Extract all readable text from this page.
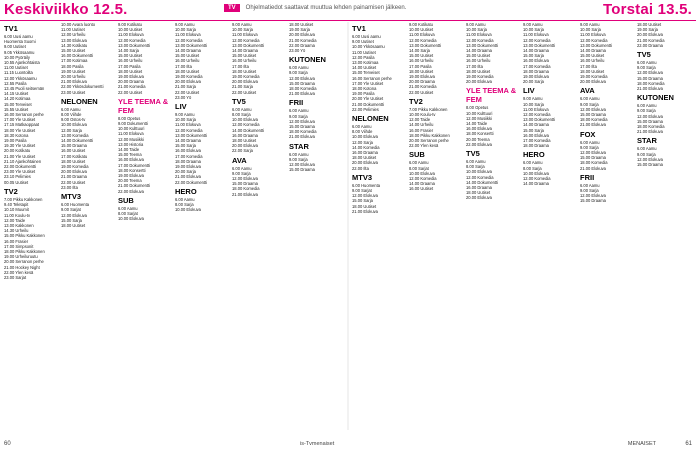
Keskiviikko 12.5.	TV	Ohjelmatiedot saattavat muuttua lehden painamisen jälkeen.	Torstai 13.5.
TV1
6.00 Uusi aamu
Huomenta Suomi
9.00 Uutiset
9.05 Ykkösaamu
10.00 Pyöräily
10.55 Ajankohtaista
11.00 Uutiset
11.15 Luontoilta
12.00 Ykkösaamu
12.55 Pasila
13.45 Puoli seitsemän
14.15 Uutiset
14.20 Kotimaa
15.00 Terveiset
15.55 Uutiset
16.00 Serranon perhe
17.00 Yle Uutiset
17.15 Matkaoppaat
18.00 Yle Uutiset
18.30 Kotona
19.00 Pasila
19.30 Yle Uutiset
20.00 Kotikatu
21.00 Yle Uutiset
21.10 Ajankohtainen
22.00 Dokumentti
23.00 Yle Uutiset
23.10 Pelimies
00.05 Uutiset
TV2
7.00 Pikku Kakkonen
9.40 Teletapit
10.10 Muumit
11.00 Koulu-tv
12.00 Taide
13.00 Kakkonen
14.30 Urheilu
15.00 Pikku Kakkonen
16.00 Frasier
17.00 Simpsonit
18.00 Pikku Kakkonen
19.00 Urheiluruutu
20.00 Serranon perhe
21.00 Hockey Night
22.00 Ylen kesä
23.00 Sarjat
10.00 Avara luonto
11.00 Uutiset
12.00 Urheilu
13.00 Elokuva
14.30 Kotikatu
15.00 Uutiset
16.00 Dokumentti
17.00 Kotimaa
18.00 Pasila
19.00 Uutiset
20.00 Urheilu
21.00 Elokuva
22.00 Ykkösdokumentti
23.00 Uutiset
NELONEN
6.00 Aamu
8.00 Viihde
9.00 Ostos-tv
10.00 Elokuva
12.00 Sarja
13.00 Komedia
14.00 Dokumentti
15.00 Draama
16.00 Uutiset
17.00 Kotikatu
18.00 Uutiset
19.00 Komedia
20.00 Elokuva
21.00 Draama
22.00 Uutiset
23.00 Ilta
MTV3
6.00 Huomenta
9.00 Sarjat
12.00 Elokuva
15.00 Sarja
18.00 Uutiset
9.00 Kotikatu
10.00 Uutiset
11.00 Elokuva
12.00 Komedia
13.00 Dokumentti
14.00 Sarja
15.00 Uutiset
16.00 Urheilu
17.00 Pasila
18.00 Uutiset
19.00 Elokuva
20.00 Draama
21.00 Komedia
22.00 Uutiset
YLE TEEMA & FEM
8.00 Opetus
9.00 Dokumentti
10.00 Kulttuuri
11.00 Elokuva
12.00 Musiikki
13.00 Historia
14.00 Taide
15.00 Teema
16.00 Elokuva
17.00 Dokumentti
18.00 Konsertti
19.00 Elokuva
20.00 Teema
21.00 Dokumentti
22.00 Elokuva
SUB
6.00 Aamu
8.00 Sarjat
10.00 Elokuva
9.00 Aamu
10.00 Sarja
11.00 Elokuva
12.00 Komedia
13.00 Dokumentti
14.00 Draama
15.00 Uutiset
16.00 Urheilu
17.00 Ilta
18.00 Uutiset
19.00 Komedia
20.00 Elokuva
21.00 Sarja
22.00 Uutiset
23.00 Yö
LIV
9.00 Aamu
10.00 Sarja
11.00 Elokuva
12.00 Komedia
13.00 Dokumentti
14.00 Draama
15.00 Sarja
16.00 Elokuva
17.00 Komedia
18.00 Draama
19.00 Elokuva
20.00 Sarja
21.00 Elokuva
22.00 Dokumentti
HERO
6.00 Aamu
8.00 Sarja
10.00 Elokuva
9.00 Aamu
10.00 Sarja
11.00 Elokuva
12.00 Komedia
13.00 Dokumentti
14.00 Draama
15.00 Uutiset
16.00 Urheilu
17.00 Ilta
18.00 Uutiset
19.00 Komedia
20.00 Elokuva
21.00 Sarja
22.00 Uutiset
TV5
6.00 Aamu
8.00 Sarja
10.00 Elokuva
12.00 Komedia
14.00 Dokumentti
16.00 Draama
18.00 Uutiset
20.00 Elokuva
22.00 Sarja
AVA
6.00 Aamu
9.00 Sarja
12.00 Elokuva
15.00 Draama
18.00 Komedia
21.00 Elokuva
18.00 Uutiset
19.00 Sarja
20.00 Elokuva
21.00 Komedia
22.00 Draama
23.00 Yö
KUTONEN
6.00 Aamu
9.00 Sarja
12.00 Elokuva
15.00 Draama
18.00 Komedia
21.00 Elokuva
FRII
6.00 Aamu
9.00 Sarja
12.00 Elokuva
15.00 Draama
18.00 Komedia
21.00 Elokuva
STAR
6.00 Aamu
9.00 Sarja
12.00 Elokuva
15.00 Draama
TV1
6.00 Uusi aamu
9.00 Uutiset
10.00 Ykkösaamu
11.00 Uutiset
12.00 Pasila
13.00 Kotimaa
14.00 Uutiset
15.00 Terveiset
16.00 Serranon perhe
17.00 Yle Uutiset
18.00 Kotona
19.00 Pasila
20.00 Yle Uutiset
21.00 Dokumentti
22.00 Pelimies
NELONEN
6.00 Aamu
8.00 Viihde
10.00 Elokuva
12.00 Sarja
14.00 Komedia
16.00 Draama
18.00 Uutiset
20.00 Elokuva
22.00 Ilta
MTV3
6.00 Huomenta
9.00 Sarjat
12.00 Elokuva
15.00 Sarja
18.00 Uutiset
21.00 Elokuva
9.00 Kotikatu
10.00 Uutiset
11.00 Elokuva
12.00 Komedia
13.00 Dokumentti
14.00 Sarja
15.00 Uutiset
16.00 Urheilu
17.00 Pasila
18.00 Uutiset
19.00 Elokuva
20.00 Draama
21.00 Komedia
22.00 Uutiset
TV2
7.00 Pikku Kakkonen
10.00 Koulu-tv
12.00 Taide
14.00 Urheilu
16.00 Frasier
18.00 Pikku Kakkonen
20.00 Serranon perhe
22.00 Ylen kesä
SUB
6.00 Aamu
8.00 Sarjat
10.00 Elokuva
12.00 Komedia
14.00 Draama
16.00 Uutiset
9.00 Aamu
10.00 Sarja
11.00 Elokuva
12.00 Komedia
13.00 Dokumentti
14.00 Draama
15.00 Uutiset
16.00 Urheilu
17.00 Ilta
18.00 Uutiset
19.00 Komedia
20.00 Elokuva
YLE TEEMA & FEM
8.00 Opetus
10.00 Kulttuuri
12.00 Musiikki
14.00 Taide
16.00 Elokuva
18.00 Konsertti
20.00 Teema
22.00 Elokuva
TV5
6.00 Aamu
8.00 Sarja
10.00 Elokuva
12.00 Komedia
14.00 Dokumentti
16.00 Draama
18.00 Uutiset
20.00 Elokuva
9.00 Aamu
10.00 Sarja
11.00 Elokuva
12.00 Komedia
13.00 Dokumentti
14.00 Draama
15.00 Sarja
16.00 Elokuva
17.00 Komedia
18.00 Draama
19.00 Elokuva
20.00 Sarja
LIV
9.00 Aamu
10.00 Sarja
11.00 Elokuva
12.00 Komedia
13.00 Dokumentti
14.00 Draama
15.00 Sarja
16.00 Elokuva
17.00 Komedia
18.00 Draama
HERO
6.00 Aamu
8.00 Sarja
10.00 Elokuva
12.00 Komedia
14.00 Draama
9.00 Aamu
10.00 Sarja
11.00 Elokuva
12.00 Komedia
13.00 Dokumentti
14.00 Draama
15.00 Uutiset
16.00 Urheilu
17.00 Ilta
18.00 Uutiset
19.00 Komedia
20.00 Elokuva
AVA
6.00 Aamu
9.00 Sarja
12.00 Elokuva
15.00 Draama
18.00 Komedia
21.00 Elokuva
FOX
6.00 Aamu
9.00 Sarja
12.00 Elokuva
15.00 Draama
18.00 Komedia
21.00 Elokuva
FRII
6.00 Aamu
9.00 Sarja
12.00 Elokuva
15.00 Draama
18.00 Uutiset
19.00 Sarja
20.00 Elokuva
21.00 Komedia
22.00 Draama
TV5
6.00 Aamu
9.00 Sarja
12.00 Elokuva
15.00 Draama
18.00 Komedia
21.00 Elokuva
KUTONEN
6.00 Aamu
9.00 Sarja
12.00 Elokuva
15.00 Draama
18.00 Komedia
21.00 Elokuva
STAR
6.00 Aamu
9.00 Sarja
12.00 Elokuva
15.00 Draama
60	is-Tvmenaiset	MENAISET	61
